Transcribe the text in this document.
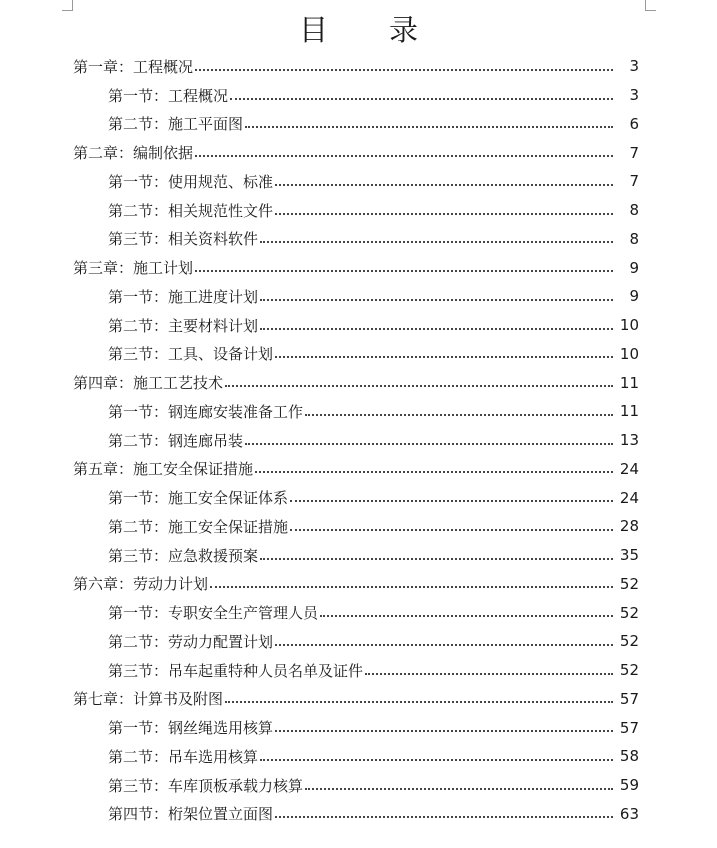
目　录
第一章： 工程概况	3
第一节： 工程概况	3
第二节： 施工平面图	6
第二章： 编制依据	7
第一节： 使用规范、标准	7
第二节： 相关规范性文件	8
第三节： 相关资料软件	8
第三章： 施工计划	9
第一节： 施工进度计划	9
第二节： 主要材料计划	10
第三节： 工具、设备计划	10
第四章： 施工工艺技术	11
第一节： 钢连廊安装准备工作	11
第二节： 钢连廊吊装	13
第五章： 施工安全保证措施	24
第一节： 施工安全保证体系	24
第二节： 施工安全保证措施	28
第三节： 应急救援预案	35
第六章： 劳动力计划	52
第一节： 专职安全生产管理人员	52
第二节： 劳动力配置计划	52
第三节： 吊车起重特种人员名单及证件	52
第七章： 计算书及附图	57
第一节： 钢丝绳选用核算	57
第二节： 吊车选用核算	58
第三节： 车库顶板承载力核算	59
第四节： 桁架位置立面图	63
